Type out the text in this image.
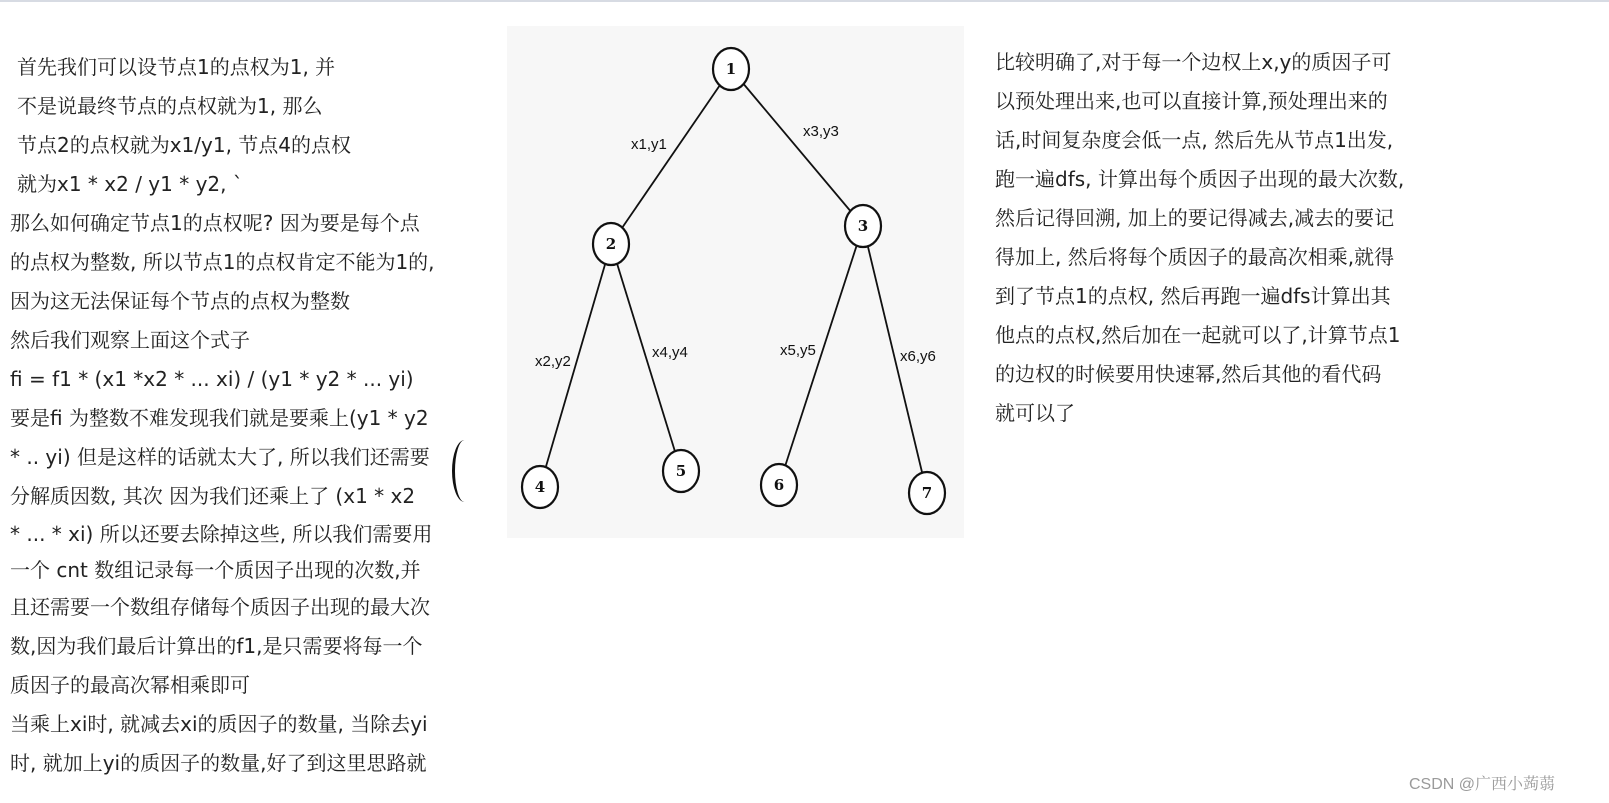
首先我们可以设节点1的点权为1, 并
不是说最终节点的点权就为1, 那么
节点2的点权就为x1/y1, 节点4的点权
就为x1 * x2 / y1 * y2, `
那么如何确定节点1的点权呢? 因为要是每个点
的点权为整数, 所以节点1的点权肯定不能为1的,
因为这无法保证每个节点的点权为整数
然后我们观察上面这个式子
fi = f1 * (x1 *x2 * ... xi) / (y1 * y2 * ... yi)
要是fi 为整数不难发现我们就是要乘上(y1 * y2
* .. yi) 但是这样的话就太大了, 所以我们还需要
分解质因数, 其次 因为我们还乘上了 (x1 * x2
* ... * xi) 所以还要去除掉这些, 所以我们需要用
一个 cnt 数组记录每一个质因子出现的次数,并
且还需要一个数组存储每个质因子出现的最大次
数,因为我们最后计算出的f1,是只需要将每一个
质因子的最高次幂相乘即可
当乘上xi时, 就减去xi的质因子的数量, 当除去yi
时, 就加上yi的质因子的数量,好了到这里思路就
x1,y1
x3,y3
x2,y2
x4,y4	x5,y5	x6,y6
1
2
3
4
5
6	7
比较明确了,对于每一个边权上x,y的质因子可
以预处理出来,也可以直接计算,预处理出来的
话,时间复杂度会低一点, 然后先从节点1出发,
跑一遍dfs, 计算出每个质因子出现的最大次数,
然后记得回溯, 加上的要记得减去,减去的要记
得加上, 然后将每个质因子的最高次相乘,就得
到了节点1的点权, 然后再跑一遍dfs计算出其
他点的点权,然后加在一起就可以了,计算节点1
的边权的时候要用快速幂,然后其他的看代码
就可以了
CSDN @广西小蒟蒻
